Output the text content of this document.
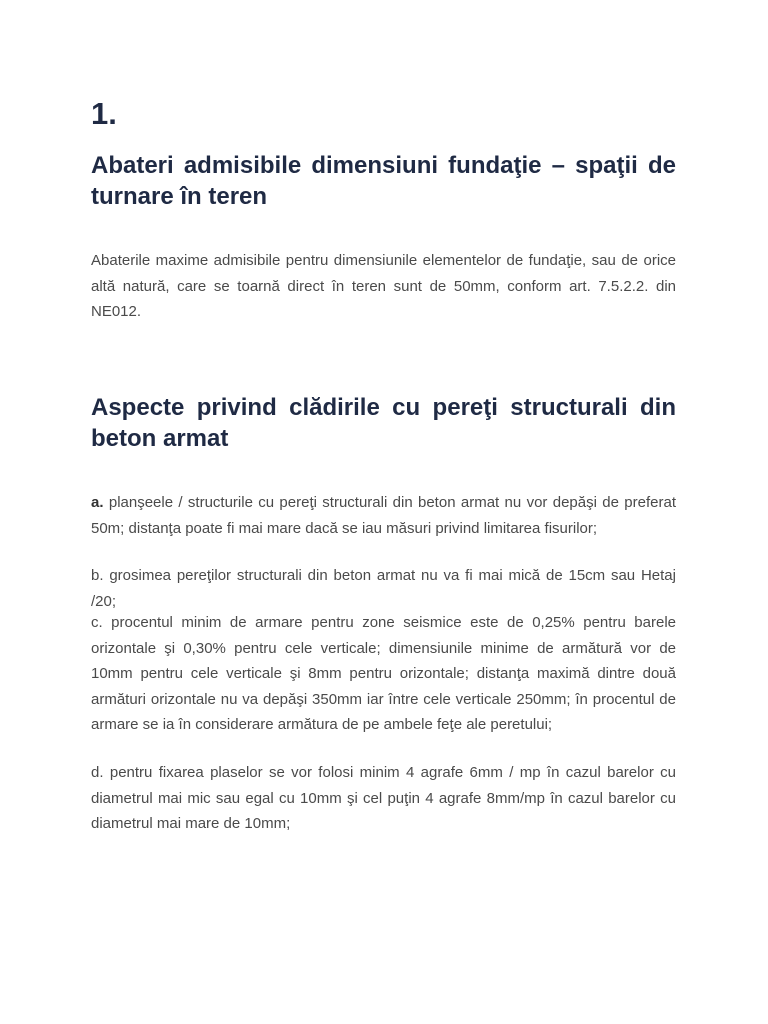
1.
Abateri admisibile dimensiuni fundaţie – spaţii de turnare în teren

Abaterile maxime admisibile pentru dimensiunile elementelor de fundaţie, sau de orice altă natură, care se toarnă direct în teren sunt de 50mm, conform art. 7.5.2.2. din NE012.

Aspecte privind clădirile cu pereţi structurali din beton armat

a. planşeele / structurile cu pereţi structurali din beton armat nu vor depăşi de preferat 50m; distanţa poate fi mai mare dacă se iau măsuri privind limitarea fisurilor;

b. grosimea pereţilor structurali din beton armat nu va fi mai mică de 15cm sau Hetaj /20;

c. procentul minim de armare pentru zone seismice este de 0,25% pentru barele orizontale şi 0,30% pentru cele verticale; dimensiunile minime de armătură vor de 10mm pentru cele verticale şi 8mm pentru orizontale; distanţa maximă dintre două armături orizontale nu va depăşi 350mm iar între cele verticale 250mm; în procentul de armare se ia în considerare armătura de pe ambele feţe ale peretului;

d. pentru fixarea plaselor se vor folosi minim 4 agrafe 6mm / mp în cazul barelor cu diametrul mai mic sau egal cu 10mm şi cel puţin 4 agrafe 8mm/mp în cazul barelor cu diametrul mai mare de 10mm;
